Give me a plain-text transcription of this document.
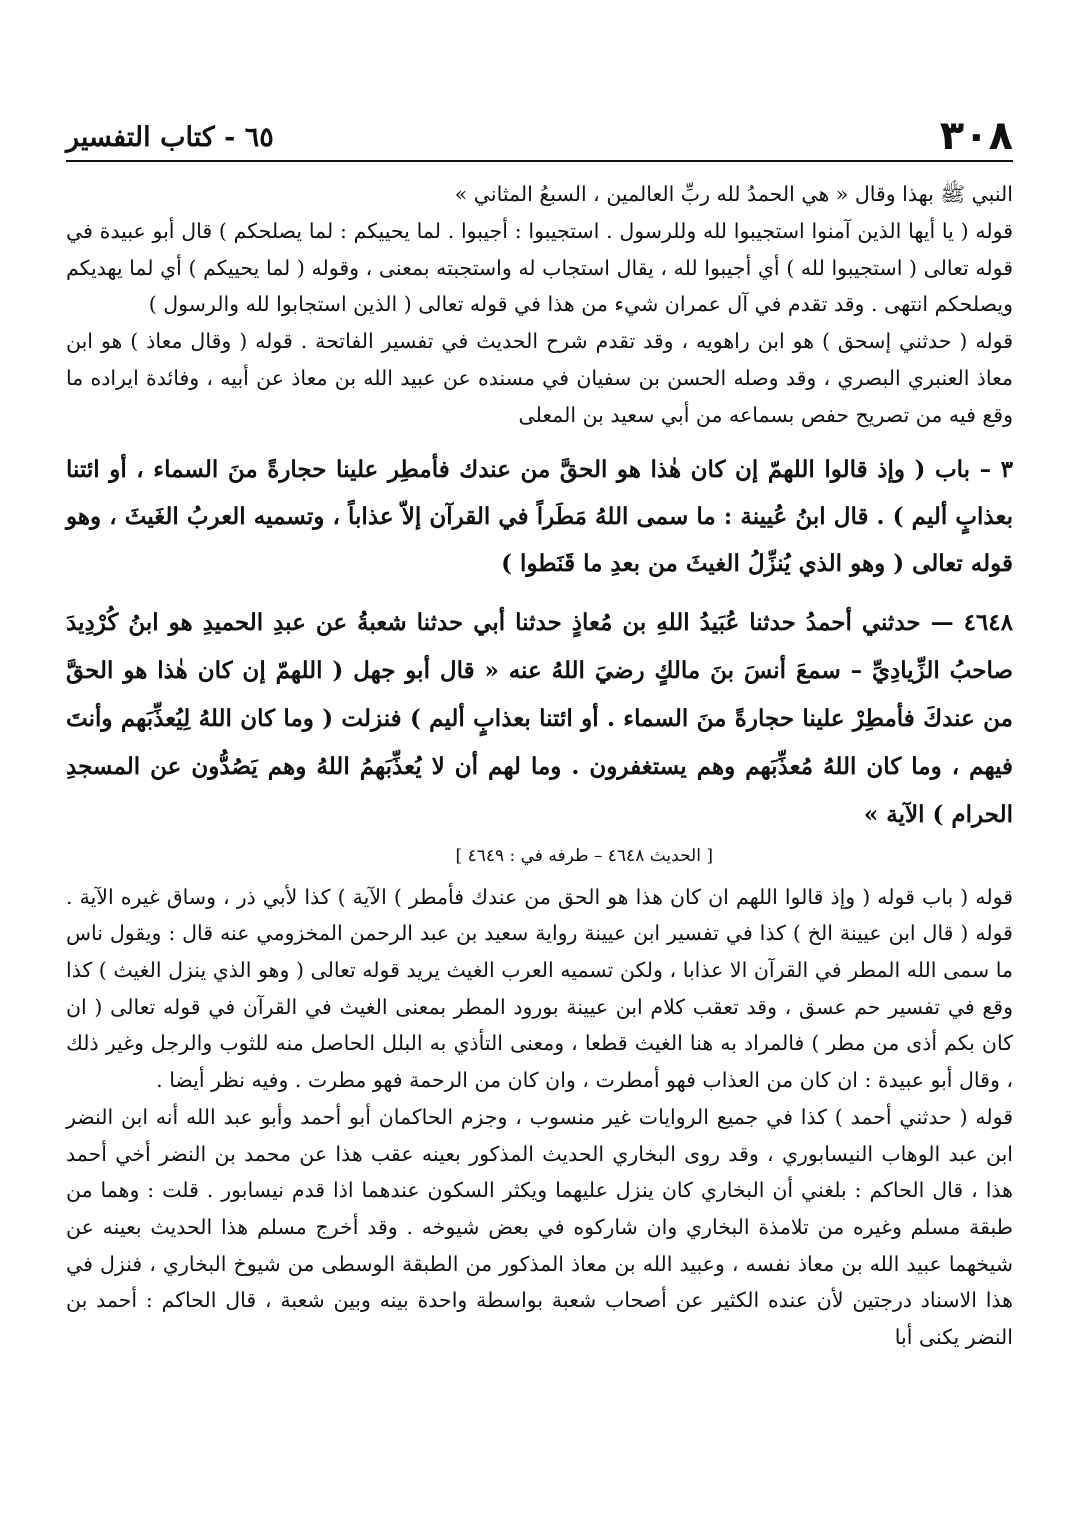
٣٠٨
٦٥ - كتاب التفسير

النبي ﷺ بهذا وقال « هي الحمدُ لله ربِّ العالمين ، السبعُ المثاني »

قوله ( يا أيها الذين آمنوا استجيبوا لله وللرسول . استجيبوا : أجيبوا . لما يحييكم : لما يصلحكم ) قال أبو عبيدة في قوله تعالى ( استجيبوا لله ) أي أجيبوا لله ، يقال استجاب له واستجبته بمعنى ، وقوله ( لما يحييكم ) أي لما يهديكم ويصلحكم انتهى . وقد تقدم في آل عمران شيء من هذا في قوله تعالى ( الذين استجابوا لله والرسول )

قوله ( حدثني إسحق ) هو ابن راهويه ، وقد تقدم شرح الحديث في تفسير الفاتحة . قوله ( وقال معاذ ) هو ابن معاذ العنبري البصري ، وقد وصله الحسن بن سفيان في مسنده عن عبيد الله بن معاذ عن أبيه ، وفائدة ايراده ما وقع فيه من تصريح حفص بسماعه من أبي سعيد بن المعلى

٣ – باب ( وإذ قالوا اللهمّ إن كان هٰذا هو الحقَّ من عندك فأمطِر علينا حجارةً منَ السماء ، أو ائتنا بعذابٍ أليم ) . قال ابنُ عُيينة : ما سمى اللهُ مَطَراً في القرآن إلاّ عذاباً ، وتسميه العربُ الغَيثَ ، وهو قوله تعالى ( وهو الذي يُنزِّلُ الغيثَ من بعدِ ما قَنَطوا )

٤٦٤٨ — حدثني أحمدُ حدثنا عُبَيدُ اللهِ بن مُعاذٍ حدثنا أبي حدثنا شعبةُ عن عبدِ الحميدِ هو ابنُ كُرْدِيدَ صاحبُ الزِّيادِيِّ – سمعَ أنسَ بنَ مالكٍ رضيَ اللهُ عنه « قال أبو جهل ( اللهمّ إن كان هٰذا هو الحقَّ من عندكَ فأمطِرْ علينا حجارةً منَ السماء . أو ائتنا بعذابٍ أليم ) فنزلت ( وما كان اللهُ لِيُعذِّبَهم وأنتَ فيهم ، وما كان اللهُ مُعذِّبَهم وهم يستغفرون . وما لهم أن لا يُعذِّبَهمُ اللهُ وهم يَصُدُّون عن المسجدِ الحرام ) الآية »

[ الحديث ٤٦٤٨ – طرفه في : ٤٦٤٩ ]

قوله ( باب قوله ( وإذ قالوا اللهم ان كان هذا هو الحق من عندك فأمطر ) الآية ) كذا لأبي ذر ، وساق غيره الآية . قوله ( قال ابن عيينة الخ ) كذا في تفسير ابن عيينة رواية سعيد بن عبد الرحمن المخزومي عنه قال : ويقول ناس ما سمى الله المطر في القرآن الا عذابا ، ولكن تسميه العرب الغيث يريد قوله تعالى ( وهو الذي ينزل الغيث ) كذا وقع في تفسير حم عسق ، وقد تعقب كلام ابن عيينة بورود المطر بمعنى الغيث في القرآن في قوله تعالى ( ان كان بكم أذى من مطر ) فالمراد به هنا الغيث قطعا ، ومعنى التأذي به البلل الحاصل منه للثوب والرجل وغير ذلك ، وقال أبو عبيدة : ان كان من العذاب فهو أمطرت ، وان كان من الرحمة فهو مطرت . وفيه نظر أيضا .

قوله ( حدثني أحمد ) كذا في جميع الروايات غير منسوب ، وجزم الحاكمان أبو أحمد وأبو عبد الله أنه ابن النضر ابن عبد الوهاب النيسابوري ، وقد روى البخاري الحديث المذكور بعينه عقب هذا عن محمد بن النضر أخي أحمد هذا ، قال الحاكم : بلغني أن البخاري كان ينزل عليهما ويكثر السكون عندهما اذا قدم نيسابور . قلت : وهما من طبقة مسلم وغيره من تلامذة البخاري وان شاركوه في بعض شيوخه . وقد أخرج مسلم هذا الحديث بعينه عن شيخهما عبيد الله بن معاذ نفسه ، وعبيد الله بن معاذ المذكور من الطبقة الوسطى من شيوخ البخاري ، فنزل في هذا الاسناد درجتين لأن عنده الكثير عن أصحاب شعبة بواسطة واحدة بينه وبين شعبة ، قال الحاكم : أحمد بن النضر يكنى أبا
